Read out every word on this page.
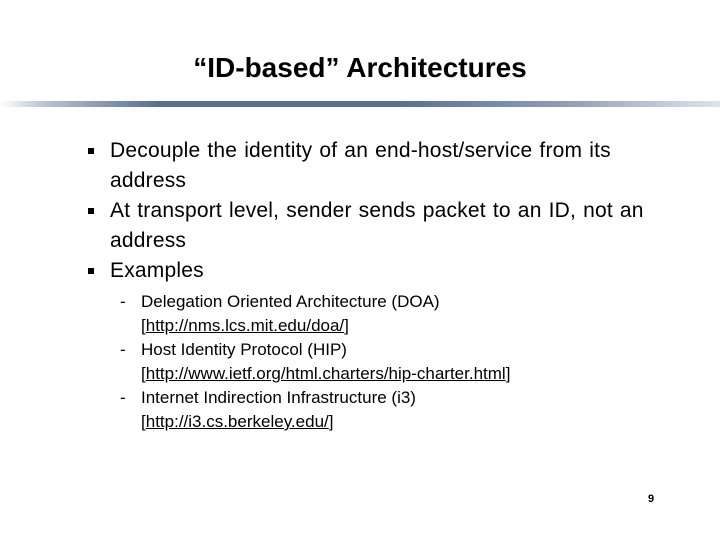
“ID-based” Architectures
Decouple the identity of an end-host/service from its address
At transport level, sender sends packet to an ID, not an address
Examples
- Delegation Oriented Architecture (DOA)
[http://nms.lcs.mit.edu/doa/]
- Host Identity Protocol (HIP)
[http://www.ietf.org/html.charters/hip-charter.html]
- Internet Indirection Infrastructure (i3)
[http://i3.cs.berkeley.edu/]
9
